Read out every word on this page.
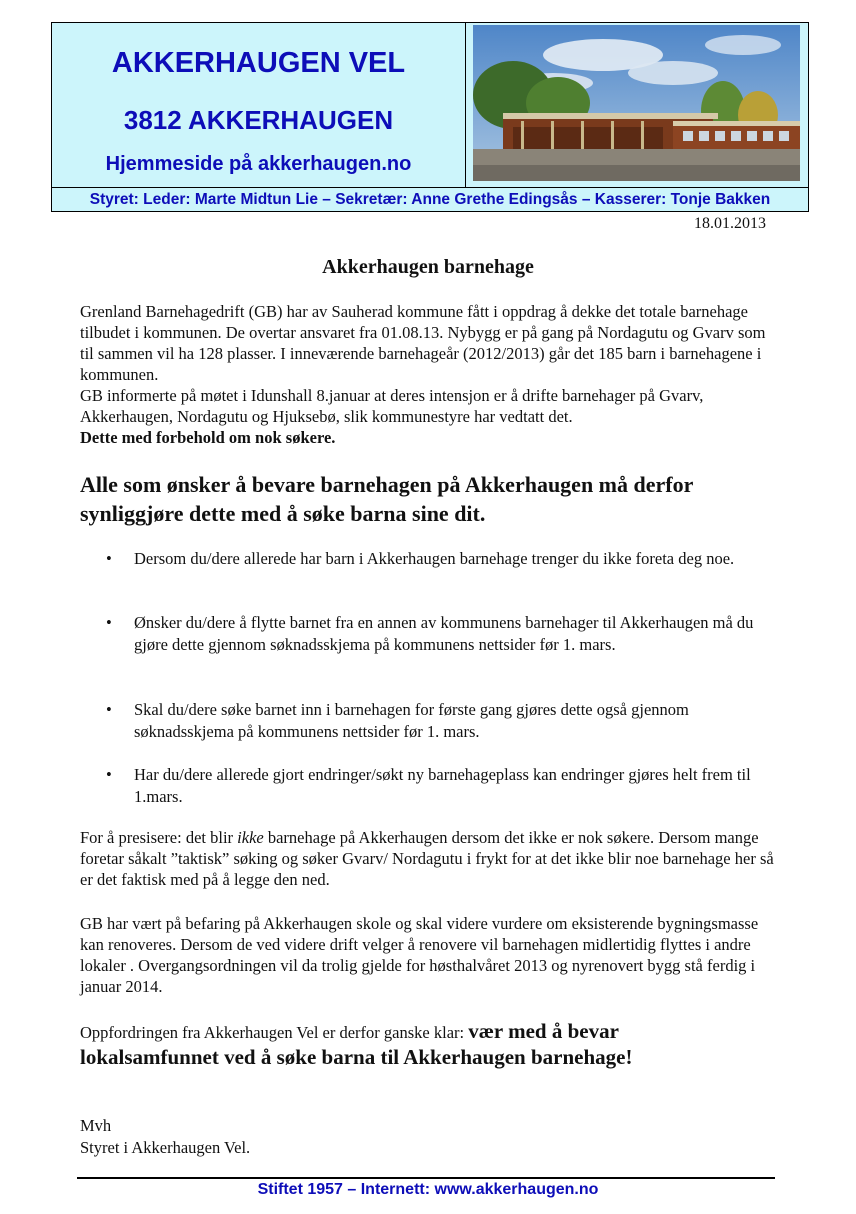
AKKERHAUGEN VEL
3812 AKKERHAUGEN
Hjemmeside på akkerhaugen.no
Styret: Leder: Marte Midtun Lie – Sekretær: Anne Grethe Edingsås – Kasserer: Tonje Bakken
18.01.2013
Akkerhaugen barnehage

Grenland Barnehagedrift (GB) har av Sauherad kommune fått i oppdrag å dekke det totale barnehage tilbudet i kommunen. De overtar ansvaret fra 01.08.13. Nybygg er på gang på Nordagutu og Gvarv som til sammen vil ha 128 plasser. I inneværende barnehageår (2012/2013) går det 185 barn i barnehagene i kommunen.

GB informerte på møtet i Idunshall 8.januar at deres intensjon er å drifte barnehager på Gvarv, Akkerhaugen, Nordagutu og Hjuksebø, slik kommunestyre har vedtatt det.

Dette med forbehold om nok søkere.

Alle som ønsker å bevare barnehagen på Akkerhaugen må derfor synliggjøre dette med å søke barna sine dit.
• Dersom du/dere allerede har barn i Akkerhaugen barnehage trenger du ikke foreta deg noe.
• Ønsker du/dere å flytte barnet fra en annen av kommunens barnehager til Akkerhaugen må du gjøre dette gjennom søknadsskjema på kommunens nettsider før 1. mars.
• Skal du/dere søke barnet inn i barnehagen for første gang gjøres dette også gjennom søknadsskjema på kommunens nettsider før 1. mars.
• Har du/dere allerede gjort endringer/søkt ny barnehageplass kan endringer gjøres helt frem til 1.mars.

For å presisere: det blir ikke barnehage på Akkerhaugen dersom det ikke er nok søkere. Dersom mange foretar såkalt ”taktisk” søking og søker Gvarv/ Nordagutu i frykt for at det ikke blir noe barnehage her så er det faktisk med på å legge den ned.

GB har vært på befaring på Akkerhaugen skole og skal videre vurdere om eksisterende bygningsmasse kan renoveres. Dersom de ved videre drift velger å renovere vil barnehagen midlertidig flyttes i andre lokaler . Overgangsordningen vil da trolig gjelde for høsthalvåret 2013 og nyrenovert bygg stå ferdig i januar 2014.

Oppfordringen fra Akkerhaugen Vel er derfor ganske klar: vær med å bevar
lokalsamfunnet ved å søke barna til Akkerhaugen barnehage!
Mvh
Styret i Akkerhaugen Vel.
Stiftet 1957 – Internett: www.akkerhaugen.no
